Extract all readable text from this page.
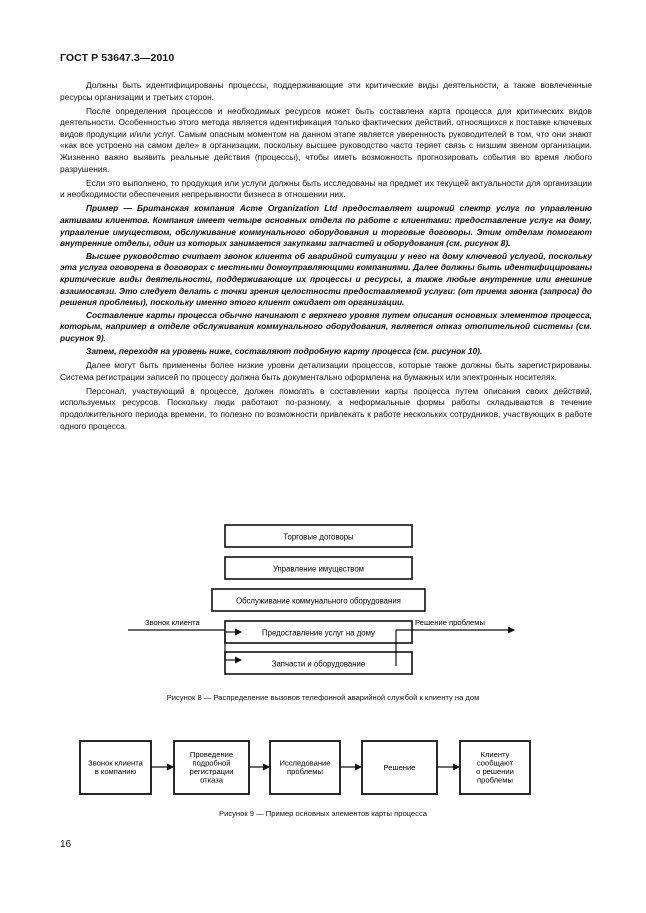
ГОСТ Р 53647.3—2010

Должны быть идентифицированы процессы, поддерживающие эти критические виды деятельности, а также вовлеченные ресурсы организации и третьих сторон.

После определения процессов и необходимых ресурсов может быть составлена карта процесса для критических видов деятельности. Особенностью этого метода является идентификация только фактических действий, относящихся к поставке ключевых видов продукции и/или услуг. Самым опасным моментом на данном этапе является уверенность руководителей в том, что они знают «как все устроено на самом деле» в организации, поскольку высшее руководство часто теряет связь с низшим звеном организации. Жизненно важно выявить реальные действия (процессы), чтобы иметь возможность прогнозировать события во время любого разрушения.

Если это выполнено, то продукция или услуги должны быть исследованы на предмет их текущей актуальности для организации и необходимости обеспечения непрерывности бизнеса в отношении них.

Пример — Британская компания Acme Organization Ltd предоставляет широкий спектр услуг по управлению активами клиентов. Компания имеет четыре основных отдела по работе с клиентами: предоставление услуг на дому, управление имуществом, обслуживание коммунального оборудования и торговые договоры. Этим отделам помогают внутренние отделы, один из которых занимается закупками запчастей и оборудования (см. рисунок 8).

Высшее руководство считает звонок клиента об аварийной ситуации у него на дому ключевой услугой, поскольку эта услуга оговорена в договорах с местными домоуправляющими компаниями. Далее должны быть идентифицированы критические виды деятельности, поддерживающие их процессы и ресурсы, а также любые внутренние или внешние взаимосвязи. Это следует делать с точки зрения целостности предоставляемой услуги: (от приема звонка (запроса) до решения проблемы), поскольку именно этого клиент ожидает от организации.

Составление карты процесса обычно начинают с верхнего уровня путем описания основных элементов процесса, которым, например в отделе обслуживания коммунального оборудования, является отказ отопительной системы (см. рисунок 9).

Затем, переходя на уровень ниже, составляют подробную карту процесса (см. рисунок 10).

Далее могут быть применены более низкие уровни детализации процессов, которые также должны быть зарегистрированы. Система регистрации записей по процессу должна быть документально оформлена на бумажных или электронных носителях.

Персонал, участвующий в процессе, должен помогать в составлении карты процесса путем описания своих действий, используемых ресурсов. Поскольку люди работают по-разному, а неформальные формы работы складываются в течение продолжительного периода времени, то полезно по возможности привлекать к работе нескольких сотрудников, участвующих в работе одного процесса.

Торговые договоры
Управление имуществом
Обслуживание коммунального оборудования
Предоставление услуг на дому
Запчасти и оборудование
Звонок клиента	Решение проблемы
Рисунок 8 — Распределение вызовов телефонной аварийной службой к клиенту на дом
Звонок клиента
в компанию
Проведение
подробной
регистрации
отказа
Исследование
проблемы	Решение
Клиенту
сообщают
о решении
проблемы
Рисунок 9 — Пример основных элементов карты процесса
16
